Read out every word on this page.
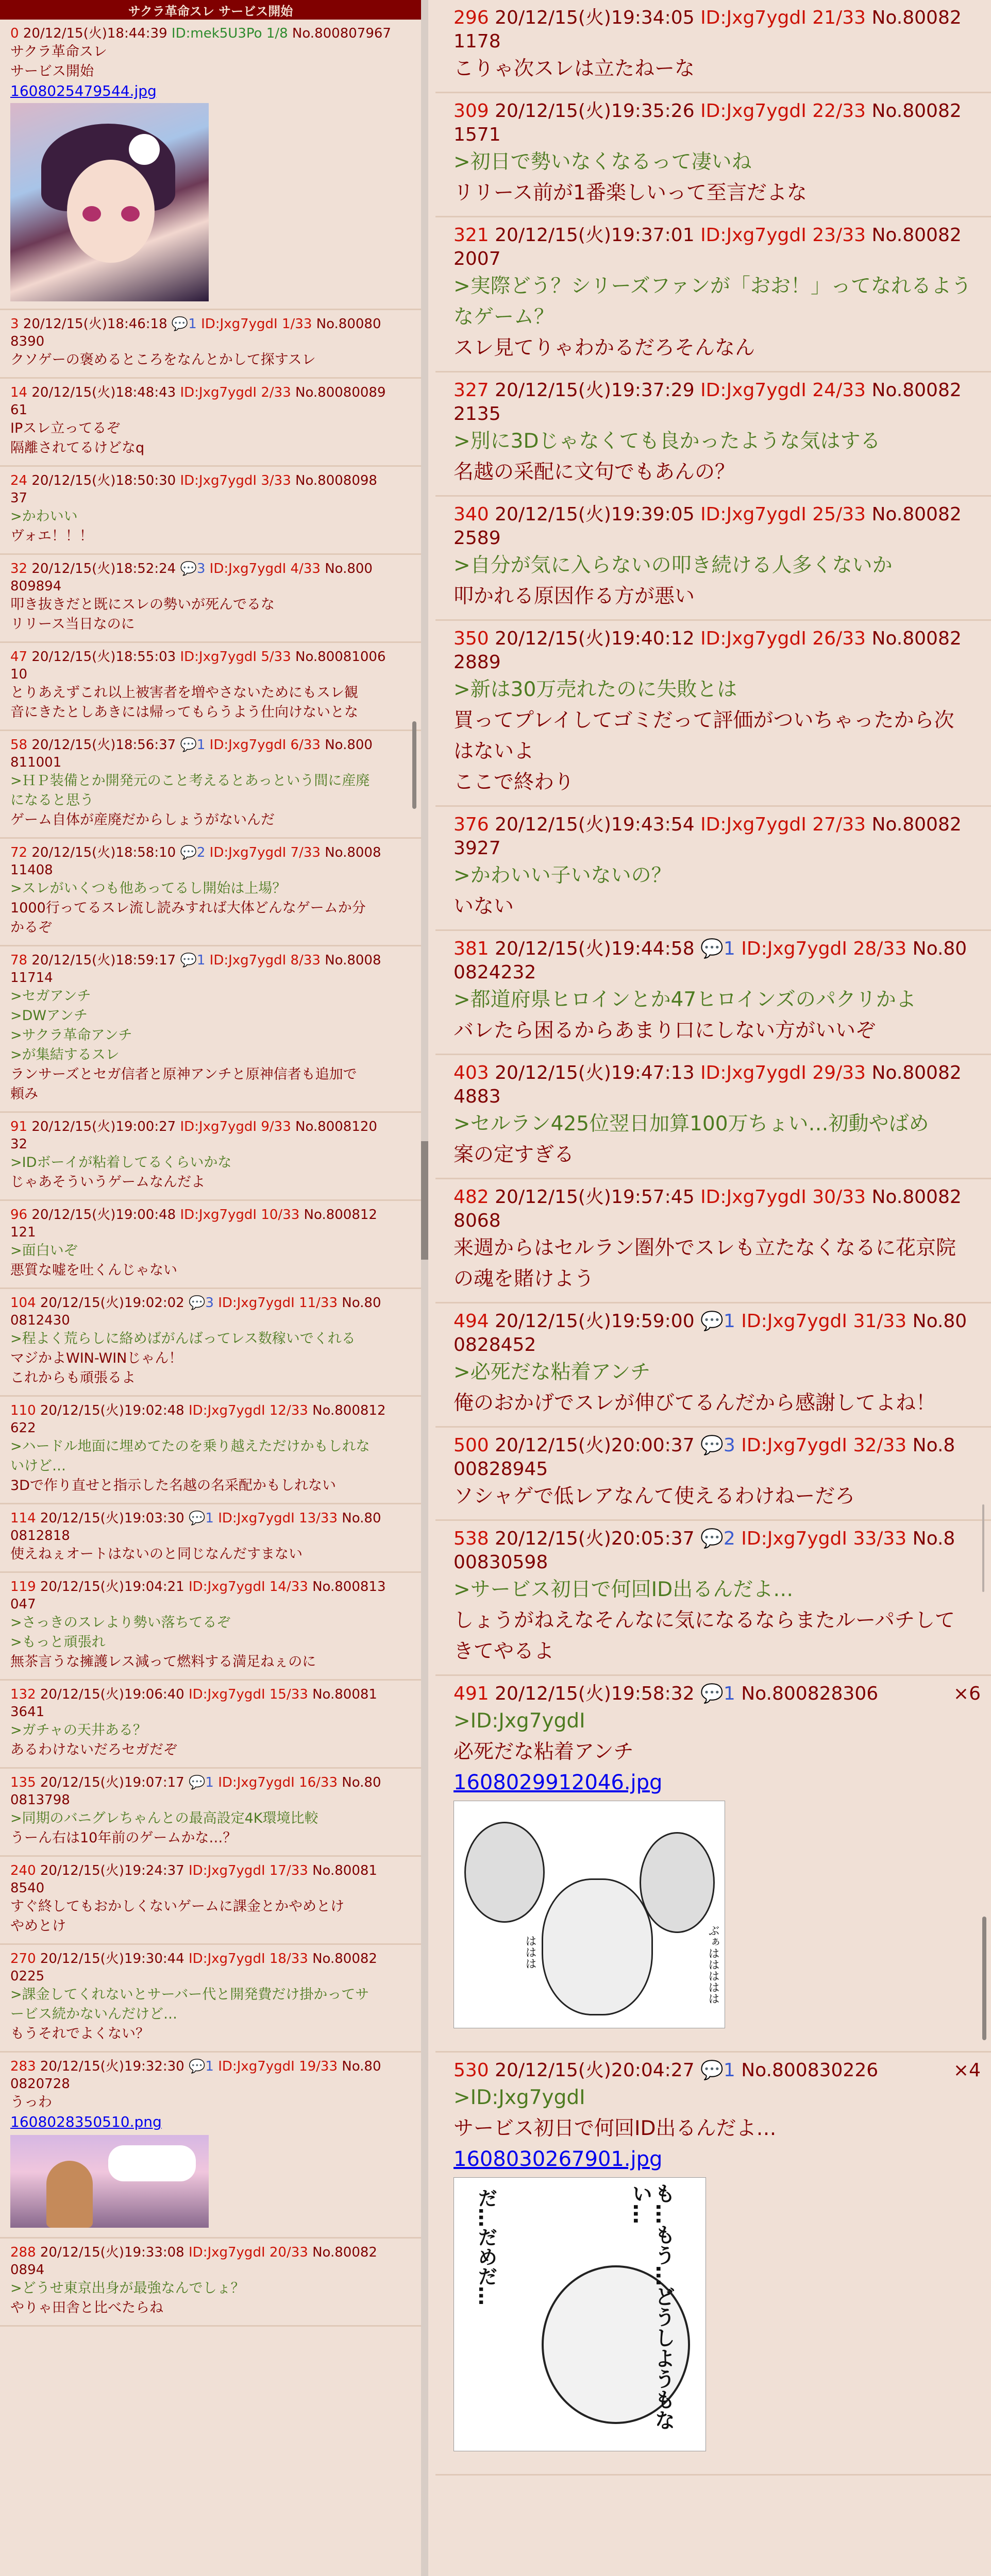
サクラ革命スレ サービス開始
0 20/12/15(火)18:44:39 ID:mek5U3Po 1/8 No.800807967
サクラ革命スレ
サービス開始
1608025479544.jpg
3 20/12/15(火)18:46:18 💬1 ID:Jxg7ygdI 1/33 No.80080
8390
クソゲーの褒めるところをなんとかして探すスレ
14 20/12/15(火)18:48:43 ID:Jxg7ygdI 2/33 No.80080089
61
IPスレ立ってるぞ
隔離されてるけどなq
24 20/12/15(火)18:50:30 ID:Jxg7ygdI 3/33 No.8008098
37
>かわいい
ヴォエ！！！
32 20/12/15(火)18:52:24 💬3 ID:Jxg7ygdI 4/33 No.800
809894
叩き抜きだと既にスレの勢いが死んでるな
リリース当日なのに
47 20/12/15(火)18:55:03 ID:Jxg7ygdI 5/33 No.80081006
10
とりあえずこれ以上被害者を増やさないためにもスレ観
音にきたとしあきには帰ってもらうよう仕向けないとな
58 20/12/15(火)18:56:37 💬1 ID:Jxg7ygdI 6/33 No.800
811001
>ＨＰ装備とか開発元のこと考えるとあっという間に産廃
になると思う
ゲーム自体が産廃だからしょうがないんだ
72 20/12/15(火)18:58:10 💬2 ID:Jxg7ygdI 7/33 No.8008
11408
>スレがいくつも他あってるし開始は上場？
1000行ってるスレ流し読みすれば大体どんなゲームか分
かるぞ
78 20/12/15(火)18:59:17 💬1 ID:Jxg7ygdI 8/33 No.8008
11714
>セガアンチ
>DWアンチ
>サクラ革命アンチ
>が集結するスレ
ランサーズとセガ信者と原神アンチと原神信者も追加で
頼み
91 20/12/15(火)19:00:27 ID:Jxg7ygdI 9/33 No.8008120
32
>IDボーイが粘着してるくらいかな
じゃあそういうゲームなんだよ
96 20/12/15(火)19:00:48 ID:Jxg7ygdI 10/33 No.800812
121
>面白いぞ
悪質な嘘を吐くんじゃない
104 20/12/15(火)19:02:02 💬3 ID:Jxg7ygdI 11/33 No.80
0812430
>程よく荒らしに絡めばがんばってレス数稼いでくれる
マジかよWIN-WINじゃん！
これからも頑張るよ
110 20/12/15(火)19:02:48 ID:Jxg7ygdI 12/33 No.800812
622
>ハードル地面に埋めてたのを乗り越えただけかもしれな
いけど…
3Dで作り直せと指示した名越の名采配かもしれない
114 20/12/15(火)19:03:30 💬1 ID:Jxg7ygdI 13/33 No.80
0812818
使えねぇオートはないのと同じなんだすまない
119 20/12/15(火)19:04:21 ID:Jxg7ygdI 14/33 No.800813
047
>さっきのスレより勢い落ちてるぞ
>もっと頑張れ
無茶言うな擁護レス減って燃料する満足ねぇのに
132 20/12/15(火)19:06:40 ID:Jxg7ygdI 15/33 No.80081
3641
>ガチャの天井ある？
あるわけないだろセガだぞ
135 20/12/15(火)19:07:17 💬1 ID:Jxg7ygdI 16/33 No.80
0813798
>同期のバニグレちゃんとの最高設定4K環境比較
うーん右は10年前のゲームかな…？
240 20/12/15(火)19:24:37 ID:Jxg7ygdI 17/33 No.80081
8540
すぐ終してもおかしくないゲームに課金とかやめとけ
やめとけ
270 20/12/15(火)19:30:44 ID:Jxg7ygdI 18/33 No.80082
0225
>課金してくれないとサーバー代と開発費だけ掛かってサ
ービス続かないんだけど…
もうそれでよくない？
283 20/12/15(火)19:32:30 💬1 ID:Jxg7ygdI 19/33 No.80
0820728
うっわ
1608028350510.png
288 20/12/15(火)19:33:08 ID:Jxg7ygdI 20/33 No.80082
0894
>どうせ東京出身が最強なんでしょ？
やりゃ田舎と比べたらね
296 20/12/15(火)19:34:05 ID:Jxg7ygdI 21/33 No.80082
1178
こりゃ次スレは立たねーな
309 20/12/15(火)19:35:26 ID:Jxg7ygdI 22/33 No.80082
1571
>初日で勢いなくなるって凄いね
リリース前が1番楽しいって至言だよな
321 20/12/15(火)19:37:01 ID:Jxg7ygdI 23/33 No.80082
2007
>実際どう？シリーズファンが「おお！」ってなれるよう
なゲーム？
スレ見てりゃわかるだろそんなん
327 20/12/15(火)19:37:29 ID:Jxg7ygdI 24/33 No.80082
2135
>別に3Dじゃなくても良かったような気はする
名越の采配に文句でもあんの？
340 20/12/15(火)19:39:05 ID:Jxg7ygdI 25/33 No.80082
2589
>自分が気に入らないの叩き続ける人多くないか
叩かれる原因作る方が悪い
350 20/12/15(火)19:40:12 ID:Jxg7ygdI 26/33 No.80082
2889
>新は30万売れたのに失敗とは
買ってプレイしてゴミだって評価がついちゃったから次
はないよ
ここで終わり
376 20/12/15(火)19:43:54 ID:Jxg7ygdI 27/33 No.80082
3927
>かわいい子いないの？
いない
381 20/12/15(火)19:44:58 💬1 ID:Jxg7ygdI 28/33 No.80
0824232
>都道府県ヒロインとか47ヒロインズのパクリかよ
バレたら困るからあまり口にしない方がいいぞ
403 20/12/15(火)19:47:13 ID:Jxg7ygdI 29/33 No.80082
4883
>セルラン425位翌日加算100万ちょい…初動やばめ
案の定すぎる
482 20/12/15(火)19:57:45 ID:Jxg7ygdI 30/33 No.80082
8068
来週からはセルラン圏外でスレも立たなくなるに花京院
の魂を賭けよう
494 20/12/15(火)19:59:00 💬1 ID:Jxg7ygdI 31/33 No.80
0828452
>必死だな粘着アンチ
俺のおかげでスレが伸びてるんだから感謝してよね！
500 20/12/15(火)20:00:37 💬3 ID:Jxg7ygdI 32/33 No.8
00828945
ソシャゲで低レアなんて使えるわけねーだろ
538 20/12/15(火)20:05:37 💬2 ID:Jxg7ygdI 33/33 No.8
00830598
>サービス初日で何回ID出るんだよ…
しょうがねえなそんなに気になるならまたルーパチして
きてやるよ
491 20/12/15(火)19:58:32 💬1 No.800828306	×6
>ID:Jxg7ygdI
必死だな粘着アンチ
1608029912046.jpg
ぶぁははははは
ははは
530 20/12/15(火)20:04:27 💬1 No.800830226	×4
>ID:Jxg7ygdI
サービス初日で何回ID出るんだよ…
1608030267901.jpg
だ…だめだ…	も…もう…どうしようもない…
